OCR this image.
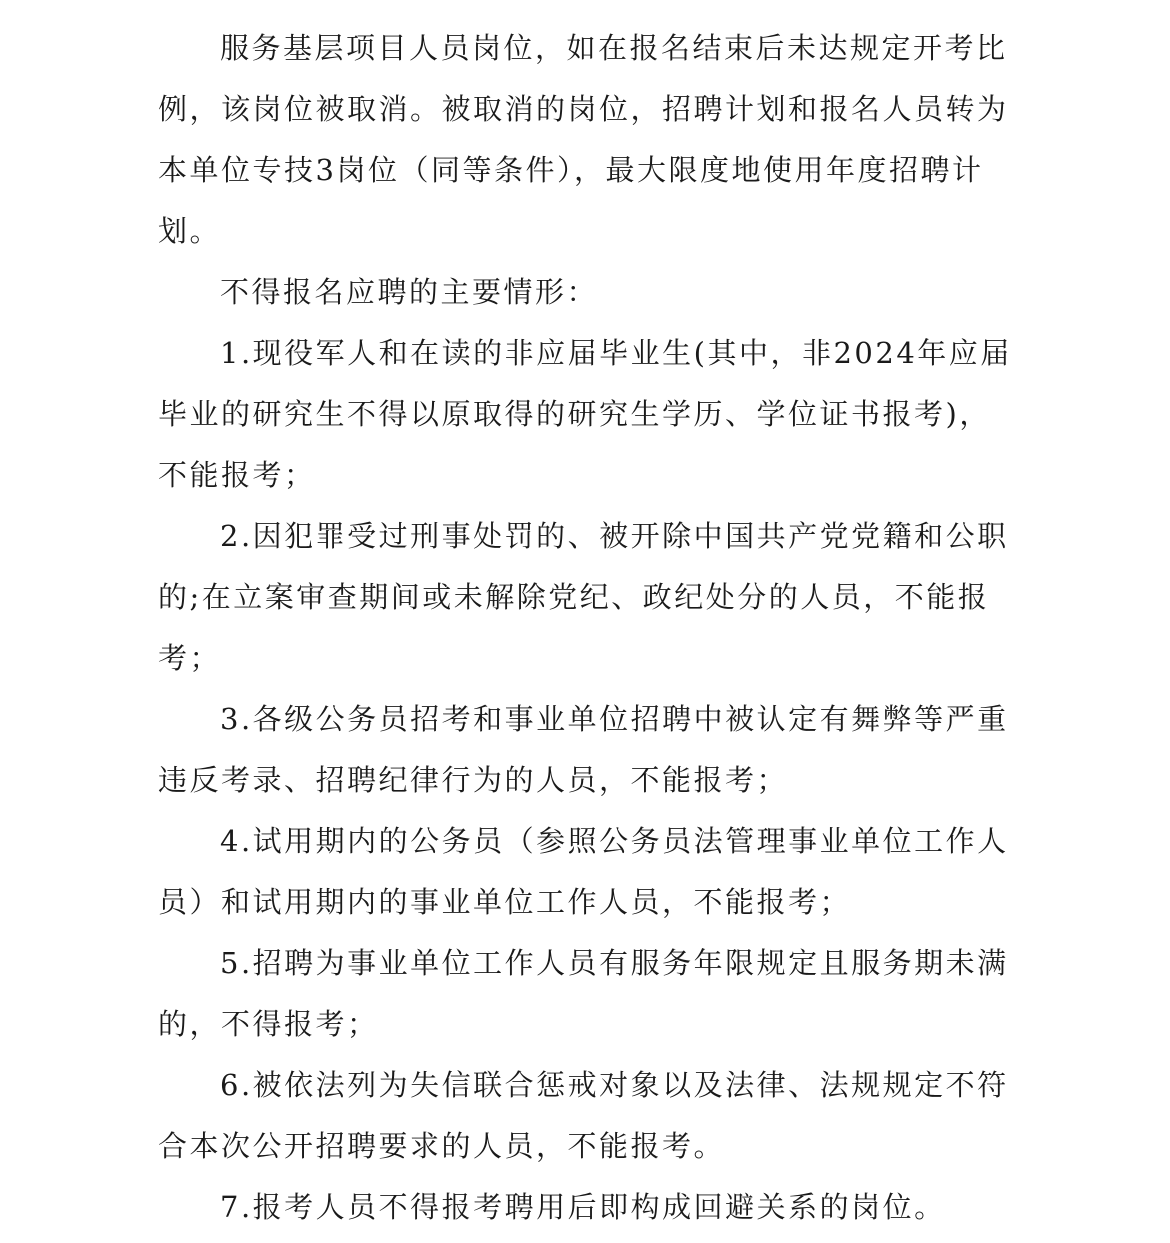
服务基层项目人员岗位，如在报名结束后未达规定开考比
例，该岗位被取消。被取消的岗位，招聘计划和报名人员转为
本单位专技3岗位（同等条件），最大限度地使用年度招聘计
划。
不得报名应聘的主要情形：
1.现役军人和在读的非应届毕业生(其中，非2024年应届
毕业的研究生不得以原取得的研究生学历、学位证书报考)，
不能报考；
2.因犯罪受过刑事处罚的、被开除中国共产党党籍和公职
的;在立案审查期间或未解除党纪、政纪处分的人员，不能报
考；
3.各级公务员招考和事业单位招聘中被认定有舞弊等严重
违反考录、招聘纪律行为的人员，不能报考；
4.试用期内的公务员（参照公务员法管理事业单位工作人
员）和试用期内的事业单位工作人员，不能报考；
5.招聘为事业单位工作人员有服务年限规定且服务期未满
的，不得报考；
6.被依法列为失信联合惩戒对象以及法律、法规规定不符
合本次公开招聘要求的人员，不能报考。
7.报考人员不得报考聘用后即构成回避关系的岗位。
